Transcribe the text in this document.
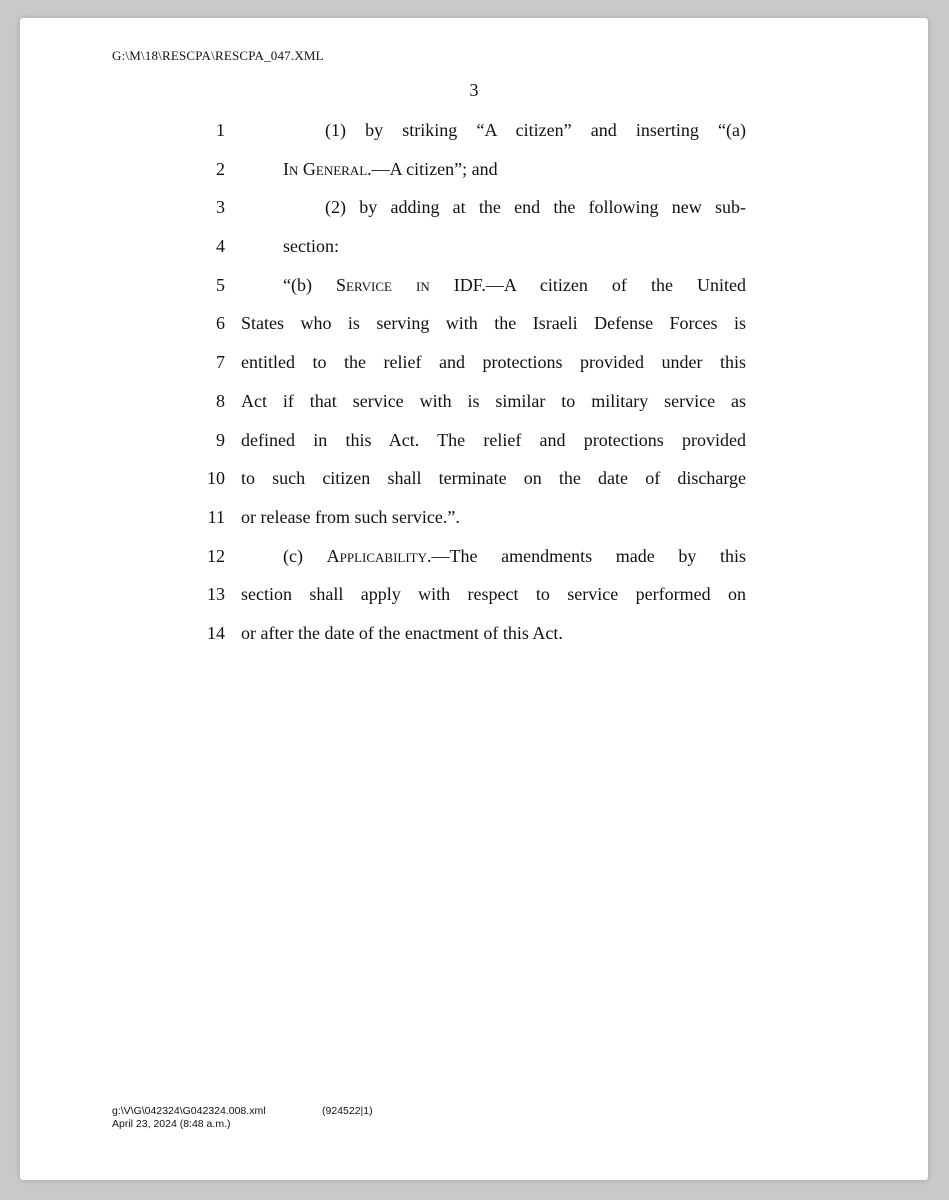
G:\M\18\RESCPA\RESCPA_047.XML
3
1	(1) by striking “A citizen” and inserting “(a)
2	In General.—A citizen”; and
3	(2) by adding at the end the following new sub-
4	section:
5	“(b) Service in IDF.—A citizen of the United
6 States who is serving with the Israeli Defense Forces is
7 entitled to the relief and protections provided under this
8 Act if that service with is similar to military service as
9 defined in this Act. The relief and protections provided
10 to such citizen shall terminate on the date of discharge
11 or release from such service.”.
12	(c) Applicability.—The amendments made by this
13 section shall apply with respect to service performed on
14 or after the date of the enactment of this Act.
g:\V\G\042324\G042324.008.xml	(924522|1)
April 23, 2024 (8:48 a.m.)
